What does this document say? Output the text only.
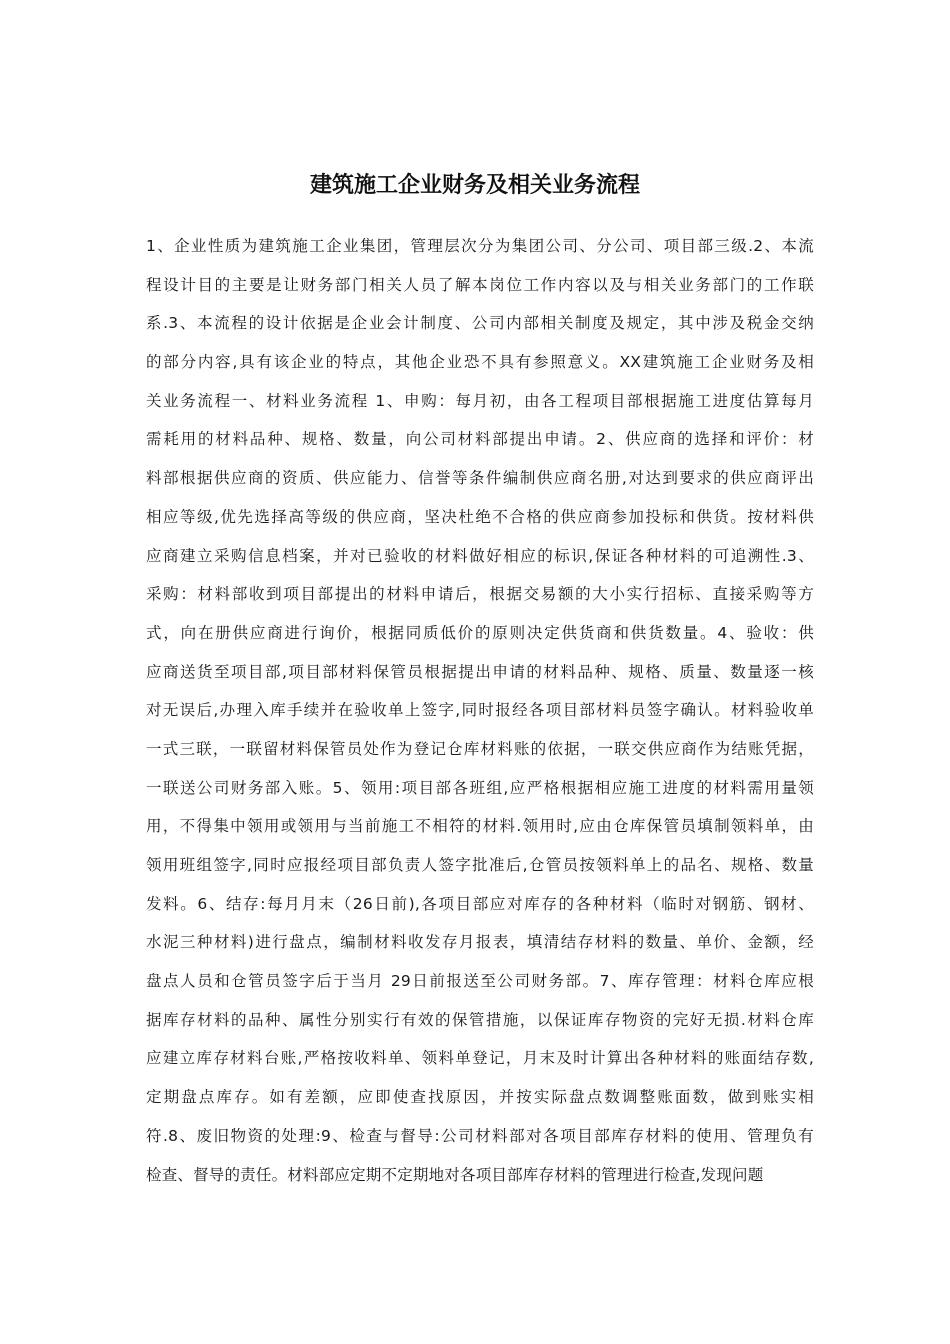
建筑施工企业财务及相关业务流程
1、企业性质为建筑施工企业集团，管理层次分为集团公司、分公司、项目部三级.2、本流
程设计目的主要是让财务部门相关人员了解本岗位工作内容以及与相关业务部门的工作联
系.3、本流程的设计依据是企业会计制度、公司内部相关制度及规定，其中涉及税金交纳
的部分内容,具有该企业的特点，其他企业恐不具有参照意义。XX建筑施工企业财务及相
关业务流程一、材料业务流程 1、申购：每月初，由各工程项目部根据施工进度估算每月
需耗用的材料品种、规格、数量，向公司材料部提出申请。2、供应商的选择和评价：材
料部根据供应商的资质、供应能力、信誉等条件编制供应商名册,对达到要求的供应商评出
相应等级,优先选择高等级的供应商，坚决杜绝不合格的供应商参加投标和供货。按材料供
应商建立采购信息档案，并对已验收的材料做好相应的标识,保证各种材料的可追溯性.3、
采购：材料部收到项目部提出的材料申请后，根据交易额的大小实行招标、直接采购等方
式，向在册供应商进行询价，根据同质低价的原则决定供货商和供货数量。4、验收：供
应商送货至项目部,项目部材料保管员根据提出申请的材料品种、规格、质量、数量逐一核
对无误后,办理入库手续并在验收单上签字,同时报经各项目部材料员签字确认。材料验收单
一式三联，一联留材料保管员处作为登记仓库材料账的依据，一联交供应商作为结账凭据，
一联送公司财务部入账。5、领用:项目部各班组,应严格根据相应施工进度的材料需用量领
用，不得集中领用或领用与当前施工不相符的材料.领用时,应由仓库保管员填制领料单，由
领用班组签字,同时应报经项目部负责人签字批准后,仓管员按领料单上的品名、规格、数量
发料。6、结存:每月月末（26日前),各项目部应对库存的各种材料（临时对钢筋、钢材、
水泥三种材料)进行盘点，编制材料收发存月报表，填清结存材料的数量、单价、金额，经
盘点人员和仓管员签字后于当月 29日前报送至公司财务部。7、库存管理：材料仓库应根
据库存材料的品种、属性分别实行有效的保管措施，以保证库存物资的完好无损.材料仓库
应建立库存材料台账,严格按收料单、领料单登记，月末及时计算出各种材料的账面结存数,
定期盘点库存。如有差额，应即使查找原因，并按实际盘点数调整账面数，做到账实相
符.8、废旧物资的处理:9、检查与督导:公司材料部对各项目部库存材料的使用、管理负有
检查、督导的责任。材料部应定期不定期地对各项目部库存材料的管理进行检查,发现问题
